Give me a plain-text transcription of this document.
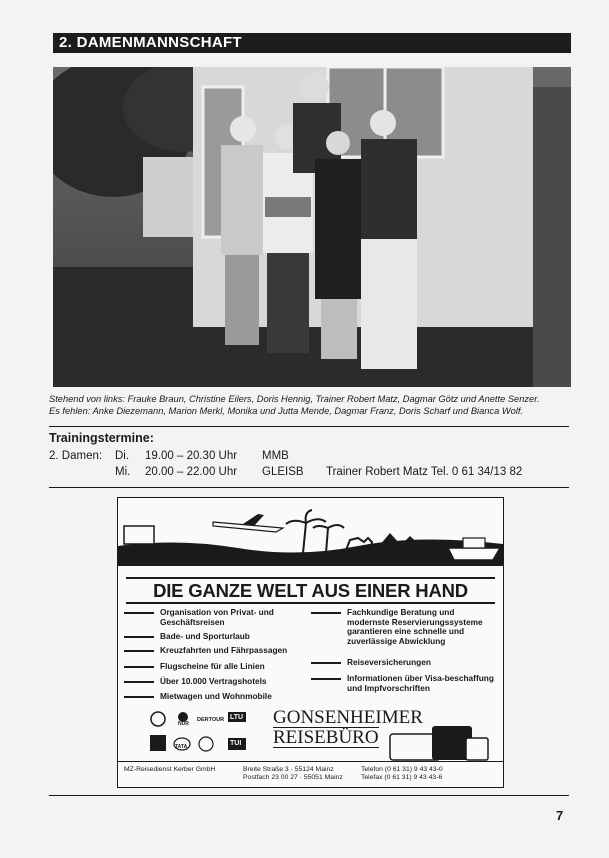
2. DAMENMANNSCHAFT
Stehend von links: Frauke Braun, Christine Eilers, Doris Hennig, Trainer Robert Matz, Dagmar Götz und Anette Senzer.
Es fehlen: Anke Diezemann, Marion Merkl, Monika und Jutta Mende, Dagmar Franz, Doris Scharf und Bianca Wolf.
Trainingstermine:
2. Damen: Di. 19.00 – 20.30 Uhr MMB
Mi. 20.00 – 22.00 Uhr GLEISB Trainer Robert Matz Tel. 0 61 34/13 82
DIE GANZE WELT AUS EINER HAND
Organisation von Privat- und Geschäftsreisen
Bade- und Sporturlaub
Kreuzfahrten und Fährpassagen
Flugscheine für alle Linien
Über 10.000 Vertragshotels
Mietwagen und Wohnmobile
Fachkundige Beratung und modernste Reservierungssysteme garantieren eine schnelle und zuverlässige Abwicklung
Reiseversicherungen
Informationen über Visa-beschaffung und Impfvorschriften
NUR
DERTOUR LTU
TATA	TUI
GONSENHEIMER
REISEBÜRO
MZ-Reisedienst Kerber GmbH	Breite Straße 3 · 55124 Mainz
Postfach 23 00 27 · 55051 Mainz
Telefon (0 61 31) 9 43 43-0
Telefax (0 61 31) 9 43 43-6
7
